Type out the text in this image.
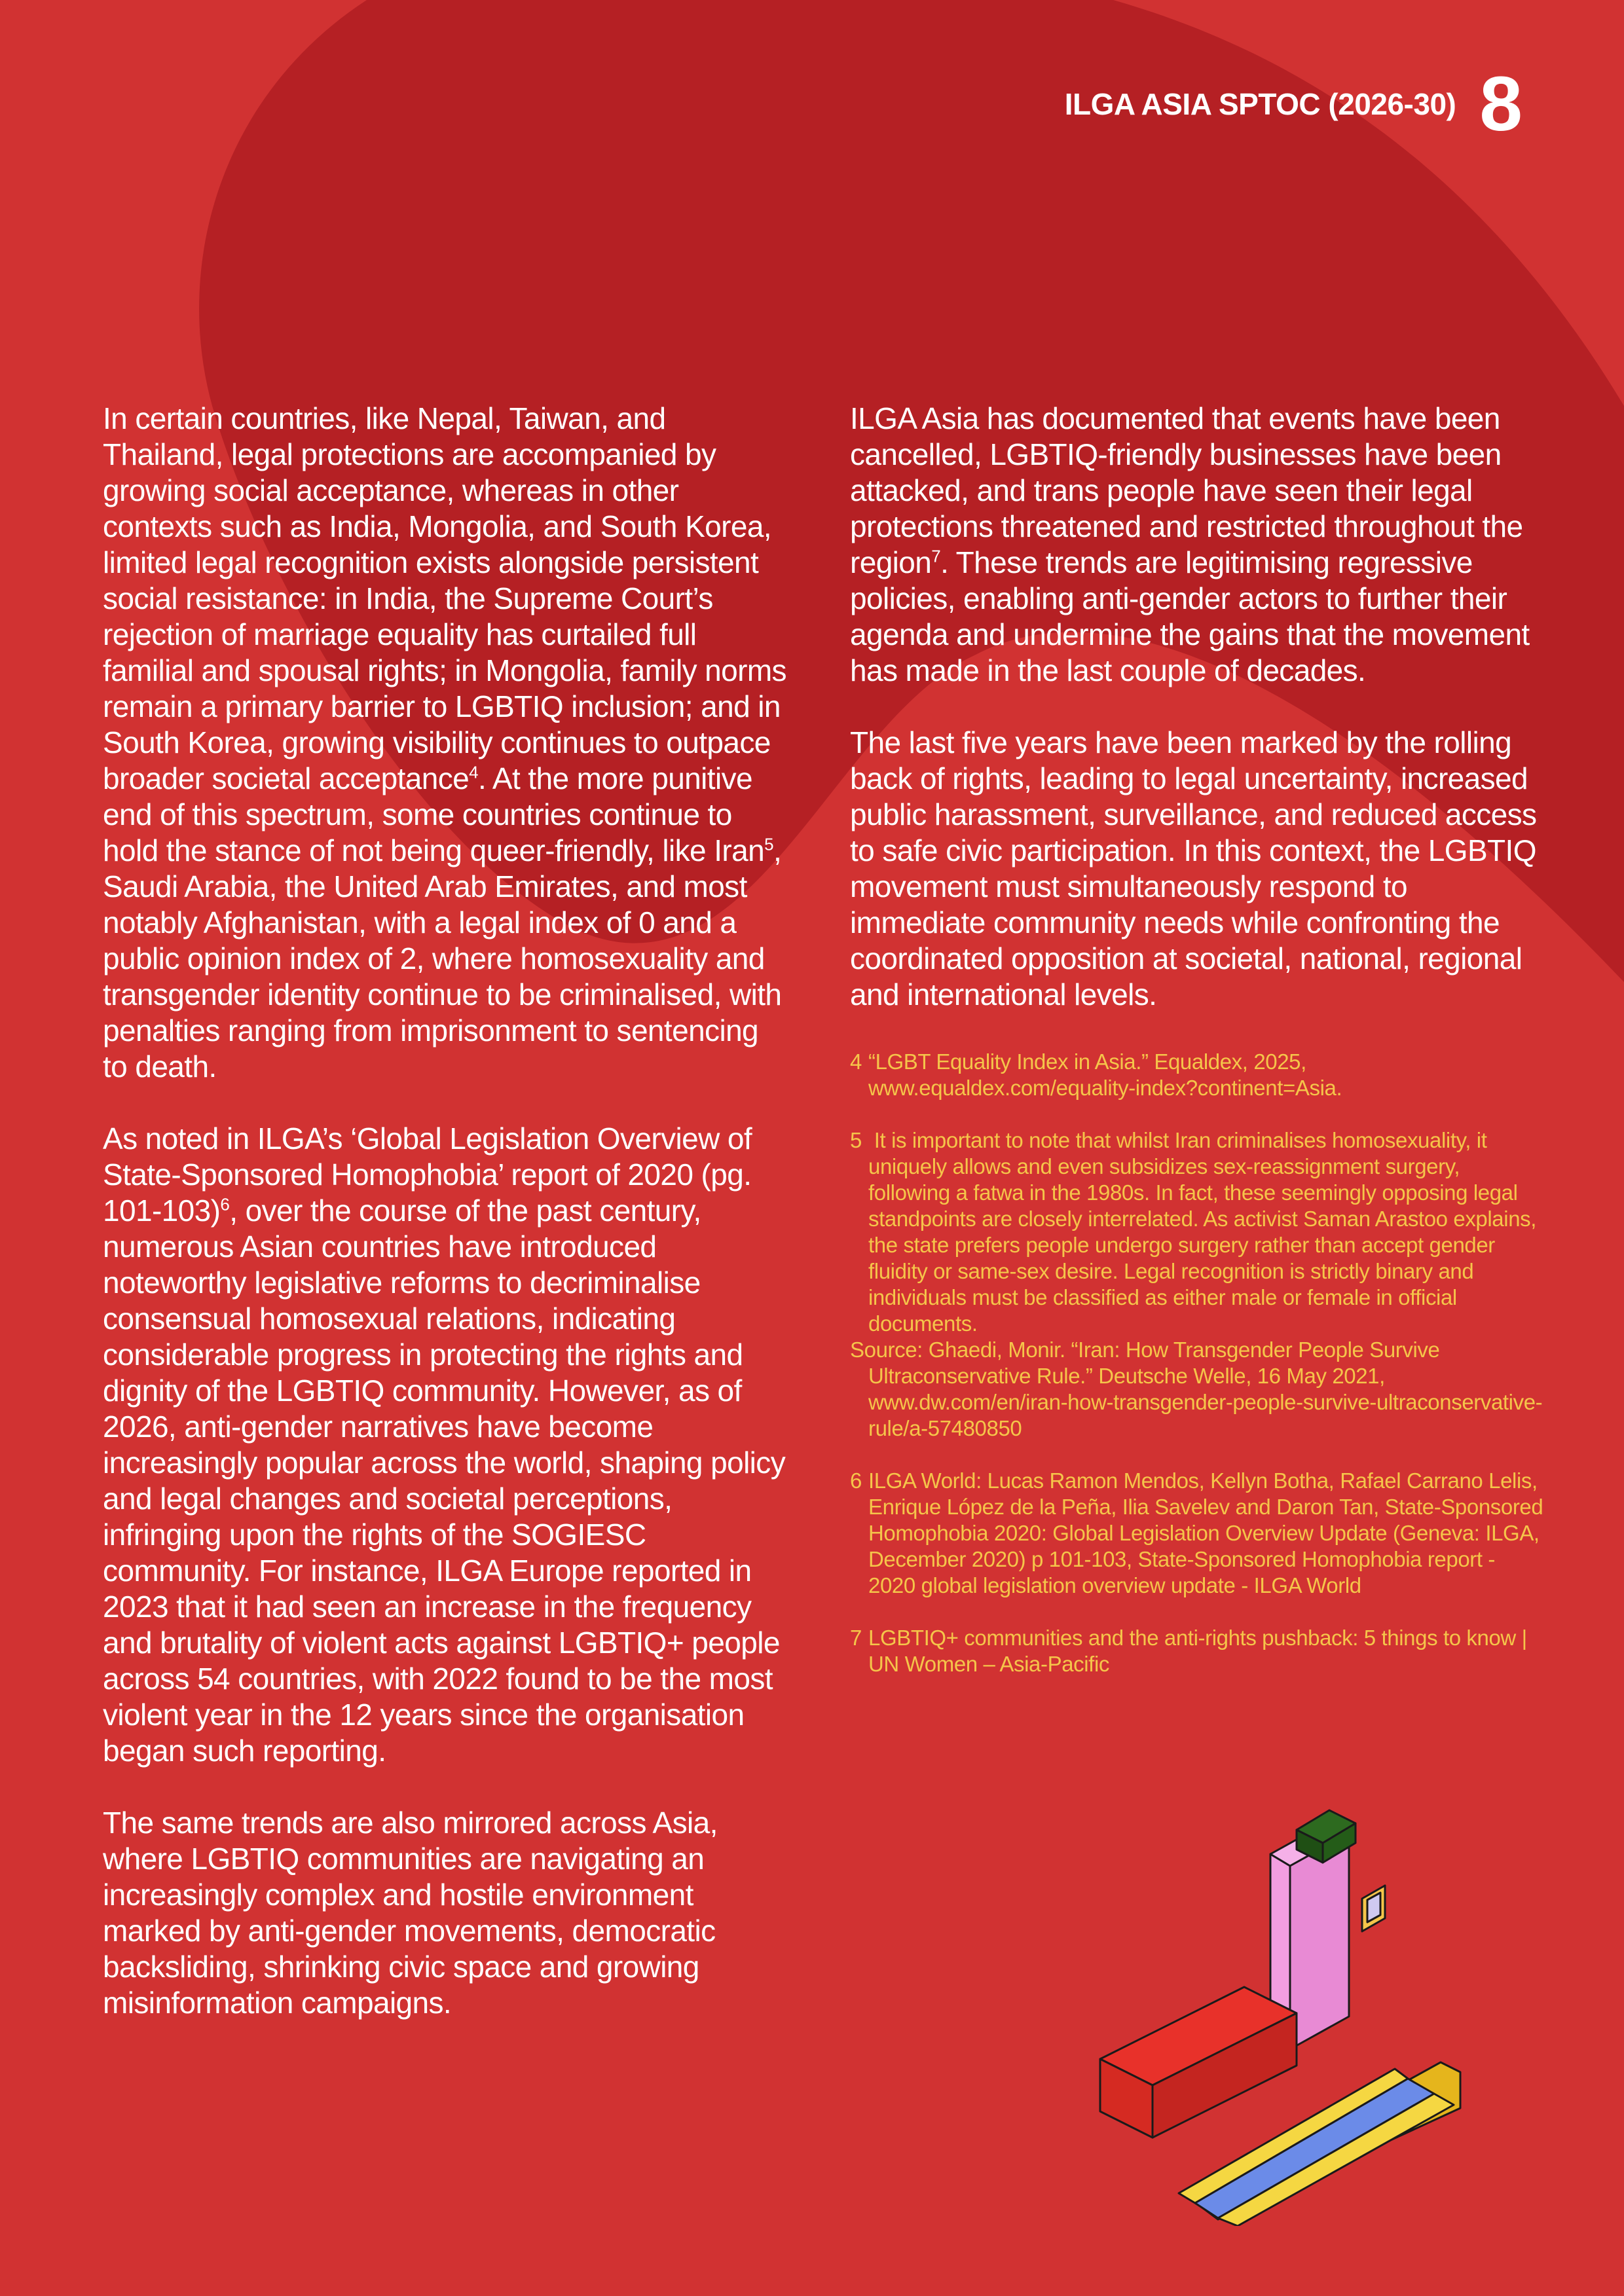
ILGA ASIA SPTOC (2026-30) 8

In certain countries, like Nepal, Taiwan, and Thailand, legal protections are accompanied by growing social acceptance, whereas in other contexts such as India, Mongolia, and South Korea, limited legal recognition exists alongside persistent social resistance: in India, the Supreme Court’s rejection of marriage equality has curtailed full familial and spousal rights; in Mongolia, family norms remain a primary barrier to LGBTIQ inclusion; and in South Korea, growing visibility continues to outpace broader societal acceptance$^4$. At the more punitive end of this spectrum, some countries continue to hold the stance of not being queer-friendly, like Iran$^5$, Saudi Arabia, the United Arab Emirates, and most notably Afghanistan, with a legal index of 0 and a public opinion index of 2, where homosexuality and transgender identity continue to be criminalised, with penalties ranging from imprisonment to sentencing to death.

As noted in ILGA’s ‘Global Legislation Overview of State-Sponsored Homophobia’ report of 2020 (pg. 101-103)$^6$, over the course of the past century, numerous Asian countries have introduced noteworthy legislative reforms to decriminalise consensual homosexual relations, indicating considerable progress in protecting the rights and dignity of the LGBTIQ community. However, as of 2026, anti-gender narratives have become increasingly popular across the world, shaping policy and legal changes and societal perceptions, infringing upon the rights of the SOGIESC community. For instance, ILGA Europe reported in 2023 that it had seen an increase in the frequency and brutality of violent acts against LGBTIQ+ people across 54 countries, with 2022 found to be the most violent year in the 12 years since the organisation began such reporting.

The same trends are also mirrored across Asia, where LGBTIQ communities are navigating an increasingly complex and hostile environment marked by anti-gender movements, democratic backsliding, shrinking civic space and growing misinformation campaigns.

ILGA Asia has documented that events have been cancelled, LGBTIQ-friendly businesses have been attacked, and trans people have seen their legal protections threatened and restricted throughout the region$^7$. These trends are legitimising regressive policies, enabling anti-gender actors to further their agenda and undermine the gains that the movement has made in the last couple of decades.

The last five years have been marked by the rolling back of rights, leading to legal uncertainty, increased public harassment, surveillance, and reduced access to safe civic participation. In this context, the LGBTIQ movement must simultaneously respond to immediate community needs while confronting the coordinated opposition at societal, national, regional and international levels.

4 “LGBT Equality Index in Asia.” Equaldex, 2025, www.equaldex.com/equality-index?continent=Asia.

5 It is important to note that whilst Iran criminalises homosexuality, it uniquely allows and even subsidizes sex-reassignment surgery, following a fatwa in the 1980s. In fact, these seemingly opposing legal standpoints are closely interrelated. As activist Saman Arastoo explains, the state prefers people undergo surgery rather than accept gender fluidity or same-sex desire. Legal recognition is strictly binary and individuals must be classified as either male or female in official documents.

Source: Ghaedi, Monir. “Iran: How Transgender People Survive Ultraconservative Rule.” Deutsche Welle, 16 May 2021, www.dw.com/en/iran-how-transgender-people-survive-ultraconservative-rule/a-57480850

6 ILGA World: Lucas Ramon Mendos, Kellyn Botha, Rafael Carrano Lelis, Enrique López de la Peña, Ilia Savelev and Daron Tan, State-Sponsored Homophobia 2020: Global Legislation Overview Update (Geneva: ILGA, December 2020) p 101-103, State-Sponsored Homophobia report - 2020 global legislation overview update - ILGA World

7 LGBTIQ+ communities and the anti-rights pushback: 5 things to know | UN Women – Asia-Pacific
